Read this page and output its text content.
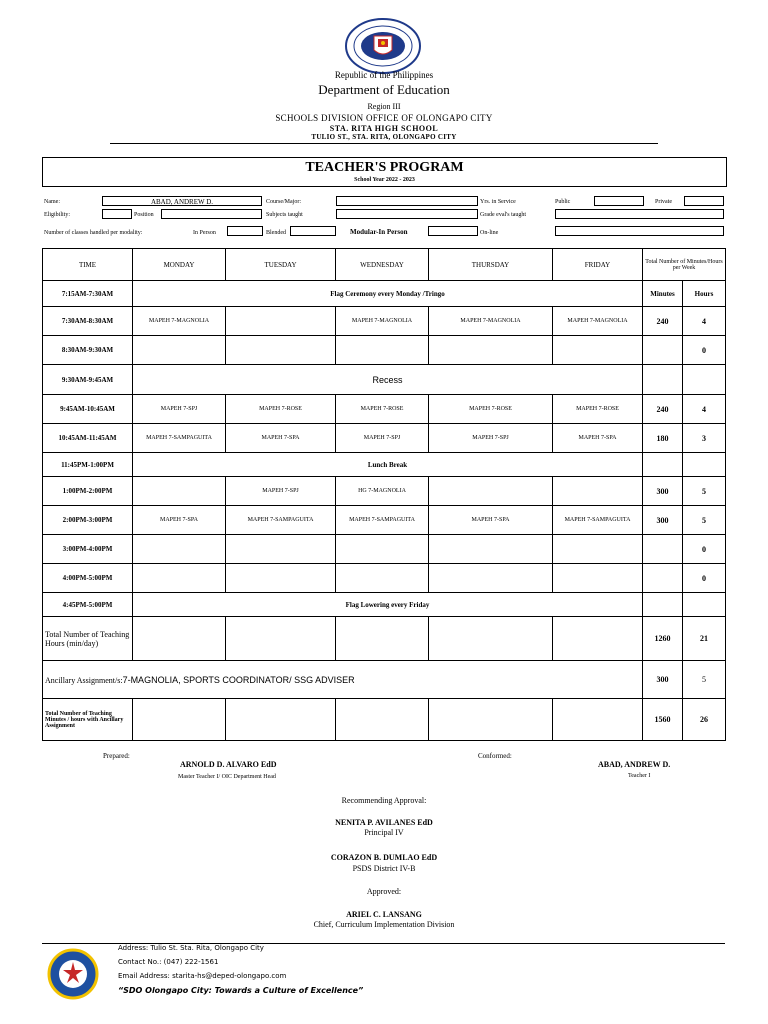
Republic of the Philippines
Department of Education
Region III
SCHOOLS DIVISION OFFICE OF OLONGAPO CITY
STA. RITA HIGH SCHOOL
TULIO ST., STA. RITA, OLONGAPO CITY
TEACHER'S PROGRAM
School Year 2022 - 2023
Name:	ABAD, ANDREW D.	Course/Major:	Yrs. in Service	Public	Private
Eligibility:	Position	Subjects taught	Grade eval's taught
Number of classes handled per modality:	In Person	Blended	Modular-In Person	On-line
TIME	MONDAY	TUESDAY	WEDNESDAY	THURSDAY	FRIDAY	Total Number of Minutes/Hours per Week	
7:15AM-7:30AM	Flag Ceremony every Monday /Tringo					Minutes	Hours
7:30AM-8:30AM	MAPEH 7-MAGNOLIA		MAPEH 7-MAGNOLIA	MAPEH 7-MAGNOLIA	MAPEH 7-MAGNOLIA	240	4
8:30AM-9:30AM							0
9:30AM-9:45AM	Recess						
9:45AM-10:45AM	MAPEH 7-SPJ	MAPEH 7-ROSE	MAPEH 7-ROSE	MAPEH 7-ROSE	MAPEH 7-ROSE	240	4
10:45AM-11:45AM	MAPEH 7-SAMPAGUITA	MAPEH 7-SPA	MAPEH 7-SPJ	MAPEH 7-SPJ	MAPEH 7-SPA	180	3
11:45PM-1:00PM	Lunch Break						
1:00PM-2:00PM		MAPEH 7-SPJ	HG 7-MAGNOLIA			300	5
2:00PM-3:00PM	MAPEH 7-SPA	MAPEH 7-SAMPAGUITA	MAPEH 7-SAMPAGUITA	MAPEH 7-SPA	MAPEH 7-SAMPAGUITA	300	5
3:00PM-4:00PM							0
4:00PM-5:00PM							0
4:45PM-5:00PM	Flag Lowering every Friday						
Total Number of Teaching Hours (min/day)						1260	21
Ancillary Assignment/s:7-MAGNOLIA, SPORTS COORDINATOR/ SSG ADVISER						300	5
Total Number of Teaching Minutes / hours with Ancillary Assignment						1560	26
Prepared:
ARNOLD D. ALVARO EdD
Master Teacher I/ OIC Department Head
Conformed:
ABAD, ANDREW D.
Teacher I
Recommending Approval:
NENITA P. AVILANES EdD
Principal IV
CORAZON B. DUMLAO EdD
PSDS District IV-B
Approved:
ARIEL C. LANSANG
Chief, Curriculum Implementation Division
Address: Tulio St. Sta. Rita, Olongapo City
Contact No.: (047) 222-1561
Email Address: starita-hs@deped-olongapo.com
“SDO Olongapo City: Towards a Culture of Excellence”
